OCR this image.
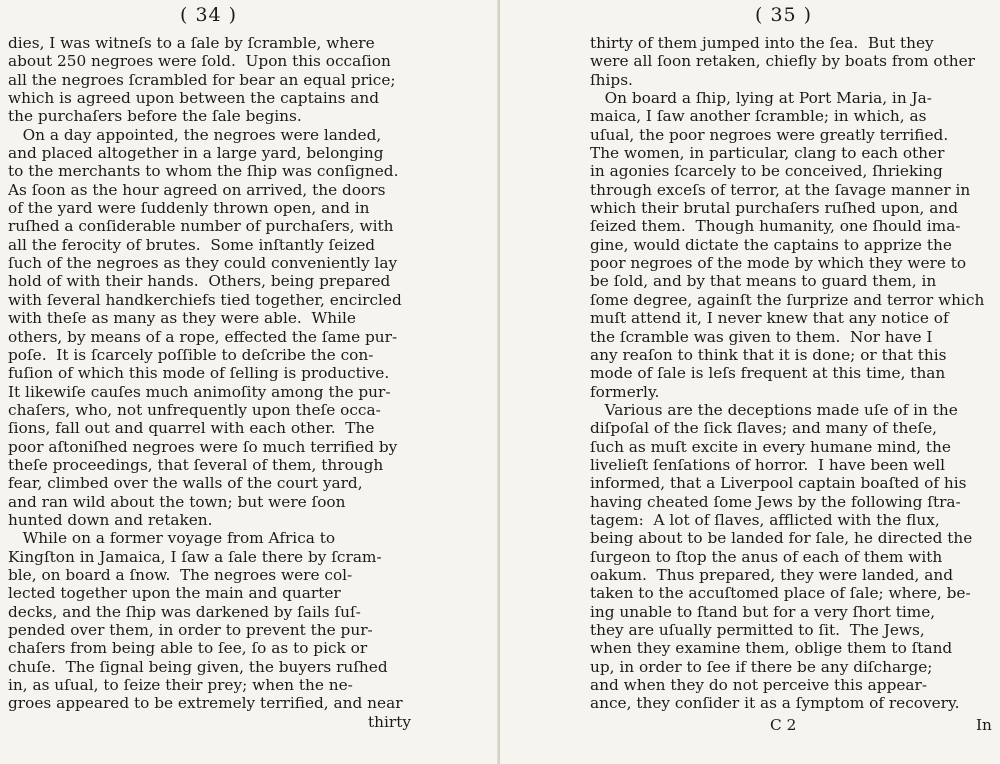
( 34 )
dies, I was witneſs to a ſale by ſcramble, where
about 250 negroes were ſold.  Upon this occaſion
all the negroes ſcrambled for bear an equal price;
which is agreed upon between the captains and
the purchaſers before the ſale begins.
On a day appointed, the negroes were landed,
and placed altogether in a large yard, belonging
to the merchants to whom the ſhip was conſigned.
As ſoon as the hour agreed on arrived, the doors
of the yard were ſuddenly thrown open, and in
ruſhed a conſiderable number of purchaſers, with
all the ferocity of brutes.  Some inſtantly ſeized
ſuch of the negroes as they could conveniently lay
hold of with their hands.  Others, being prepared
with ſeveral handkerchiefs tied together, encircled
with theſe as many as they were able.  While
others, by means of a rope, effected the ſame pur-
poſe.  It is ſcarcely poſſible to deſcribe the con-
fuſion of which this mode of ſelling is productive.
It likewiſe cauſes much animoſity among the pur-
chaſers, who, not unfrequently upon theſe occa-
ſions, fall out and quarrel with each other.  The
poor aſtoniſhed negroes were ſo much terrified by
theſe proceedings, that ſeveral of them, through
fear, climbed over the walls of the court yard,
and ran wild about the town; but were ſoon
hunted down and retaken.
While on a former voyage from Africa to
Kingſton in Jamaica, I ſaw a ſale there by ſcram-
ble, on board a ſnow.  The negroes were col-
lected together upon the main and quarter
decks, and the ſhip was darkened by ſails ſuſ-
pended over them, in order to prevent the pur-
chaſers from being able to ſee, ſo as to pick or
chuſe.  The ſignal being given, the buyers ruſhed
in, as uſual, to ſeize their prey; when the ne-
groes appeared to be extremely terrified, and near
thirty
( 35 )
thirty of them jumped into the ſea.  But they
were all ſoon retaken, chiefly by boats from other
ſhips.
On board a ſhip, lying at Port Maria, in Ja-
maica, I ſaw another ſcramble; in which, as
uſual, the poor negroes were greatly terrified.
The women, in particular, clang to each other
in agonies ſcarcely to be conceived, ſhrieking
through exceſs of terror, at the ſavage manner in
which their brutal purchaſers ruſhed upon, and
ſeized them.  Though humanity, one ſhould ima-
gine, would dictate the captains to apprize the
poor negroes of the mode by which they were to
be ſold, and by that means to guard them, in
ſome degree, againſt the ſurprize and terror which
muſt attend it, I never knew that any notice of
the ſcramble was given to them.  Nor have I
any reaſon to think that it is done; or that this
mode of ſale is leſs frequent at this time, than
formerly.
Various are the deceptions made uſe of in the
diſpoſal of the ſick ſlaves; and many of theſe,
ſuch as muſt excite in every humane mind, the
livelieſt ſenſations of horror.  I have been well
informed, that a Liverpool captain boaſted of his
having cheated ſome Jews by the following ſtra-
tagem:  A lot of ſlaves, afflicted with the flux,
being about to be landed for ſale, he directed the
ſurgeon to ſtop the anus of each of them with
oakum.  Thus prepared, they were landed, and
taken to the accuſtomed place of ſale; where, be-
ing unable to ſtand but for a very ſhort time,
they are uſually permitted to ſit.  The Jews,
when they examine them, oblige them to ſtand
up, in order to ſee if there be any diſcharge;
and when they do not perceive this appear-
ance, they conſider it as a ſymptom of recovery.
C 2	In
